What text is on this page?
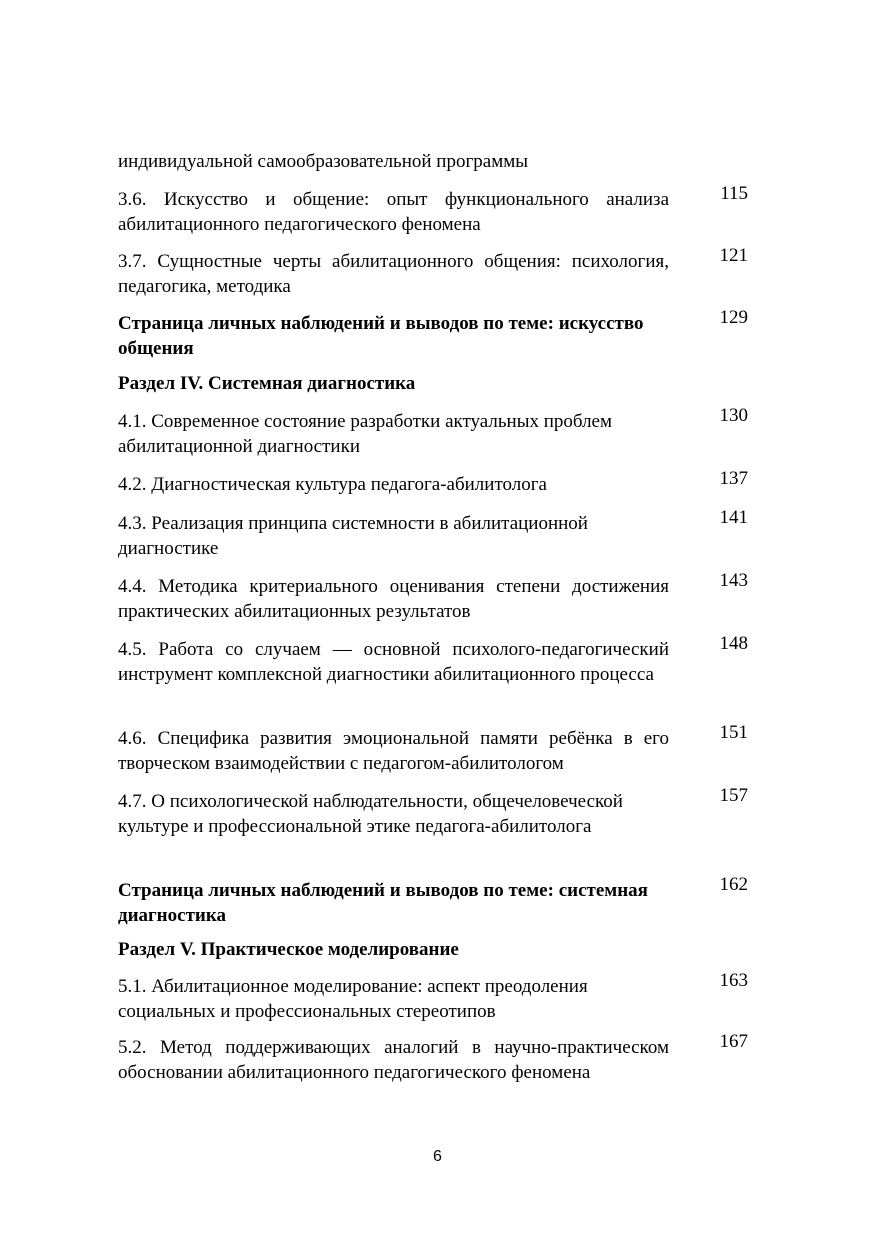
индивидуальной самообразовательной программы
3.6. Искусство и общение: опыт функционального анализа абилитационного педагогического феномена
115
3.7. Сущностные черты абилитационного общения: психология, педагогика, методика
121
Страница личных наблюдений и выводов по теме: искусство общения
129
Раздел IV. Системная диагностика
4.1. Современное состояние разработки актуальных проблем абилитационной диагностики
130
4.2. Диагностическая культура педагога-абилитолога	137
4.3. Реализация принципа системности в абилитационной диагностике
141
4.4. Методика критериального оценивания степени достижения практических абилитационных результатов
143
4.5. Работа со случаем — основной психолого-педагогический инструмент комплексной диагностики абилитационного процесса
148
4.6. Специфика развития эмоциональной памяти ребёнка в его творческом взаимодействии с педагогом-абилитологом
151
4.7. О психологической наблюдательности, общечеловеческой культуре и профессиональной этике педагога-абилитолога
157
Страница личных наблюдений и выводов по теме: системная диагностика
162
Раздел V. Практическое моделирование
5.1. Абилитационное моделирование: аспект преодоления социальных и профессиональных стереотипов
163
5.2. Метод поддерживающих аналогий в научно-практическом обосновании абилитационного педагогического феномена
167
6
